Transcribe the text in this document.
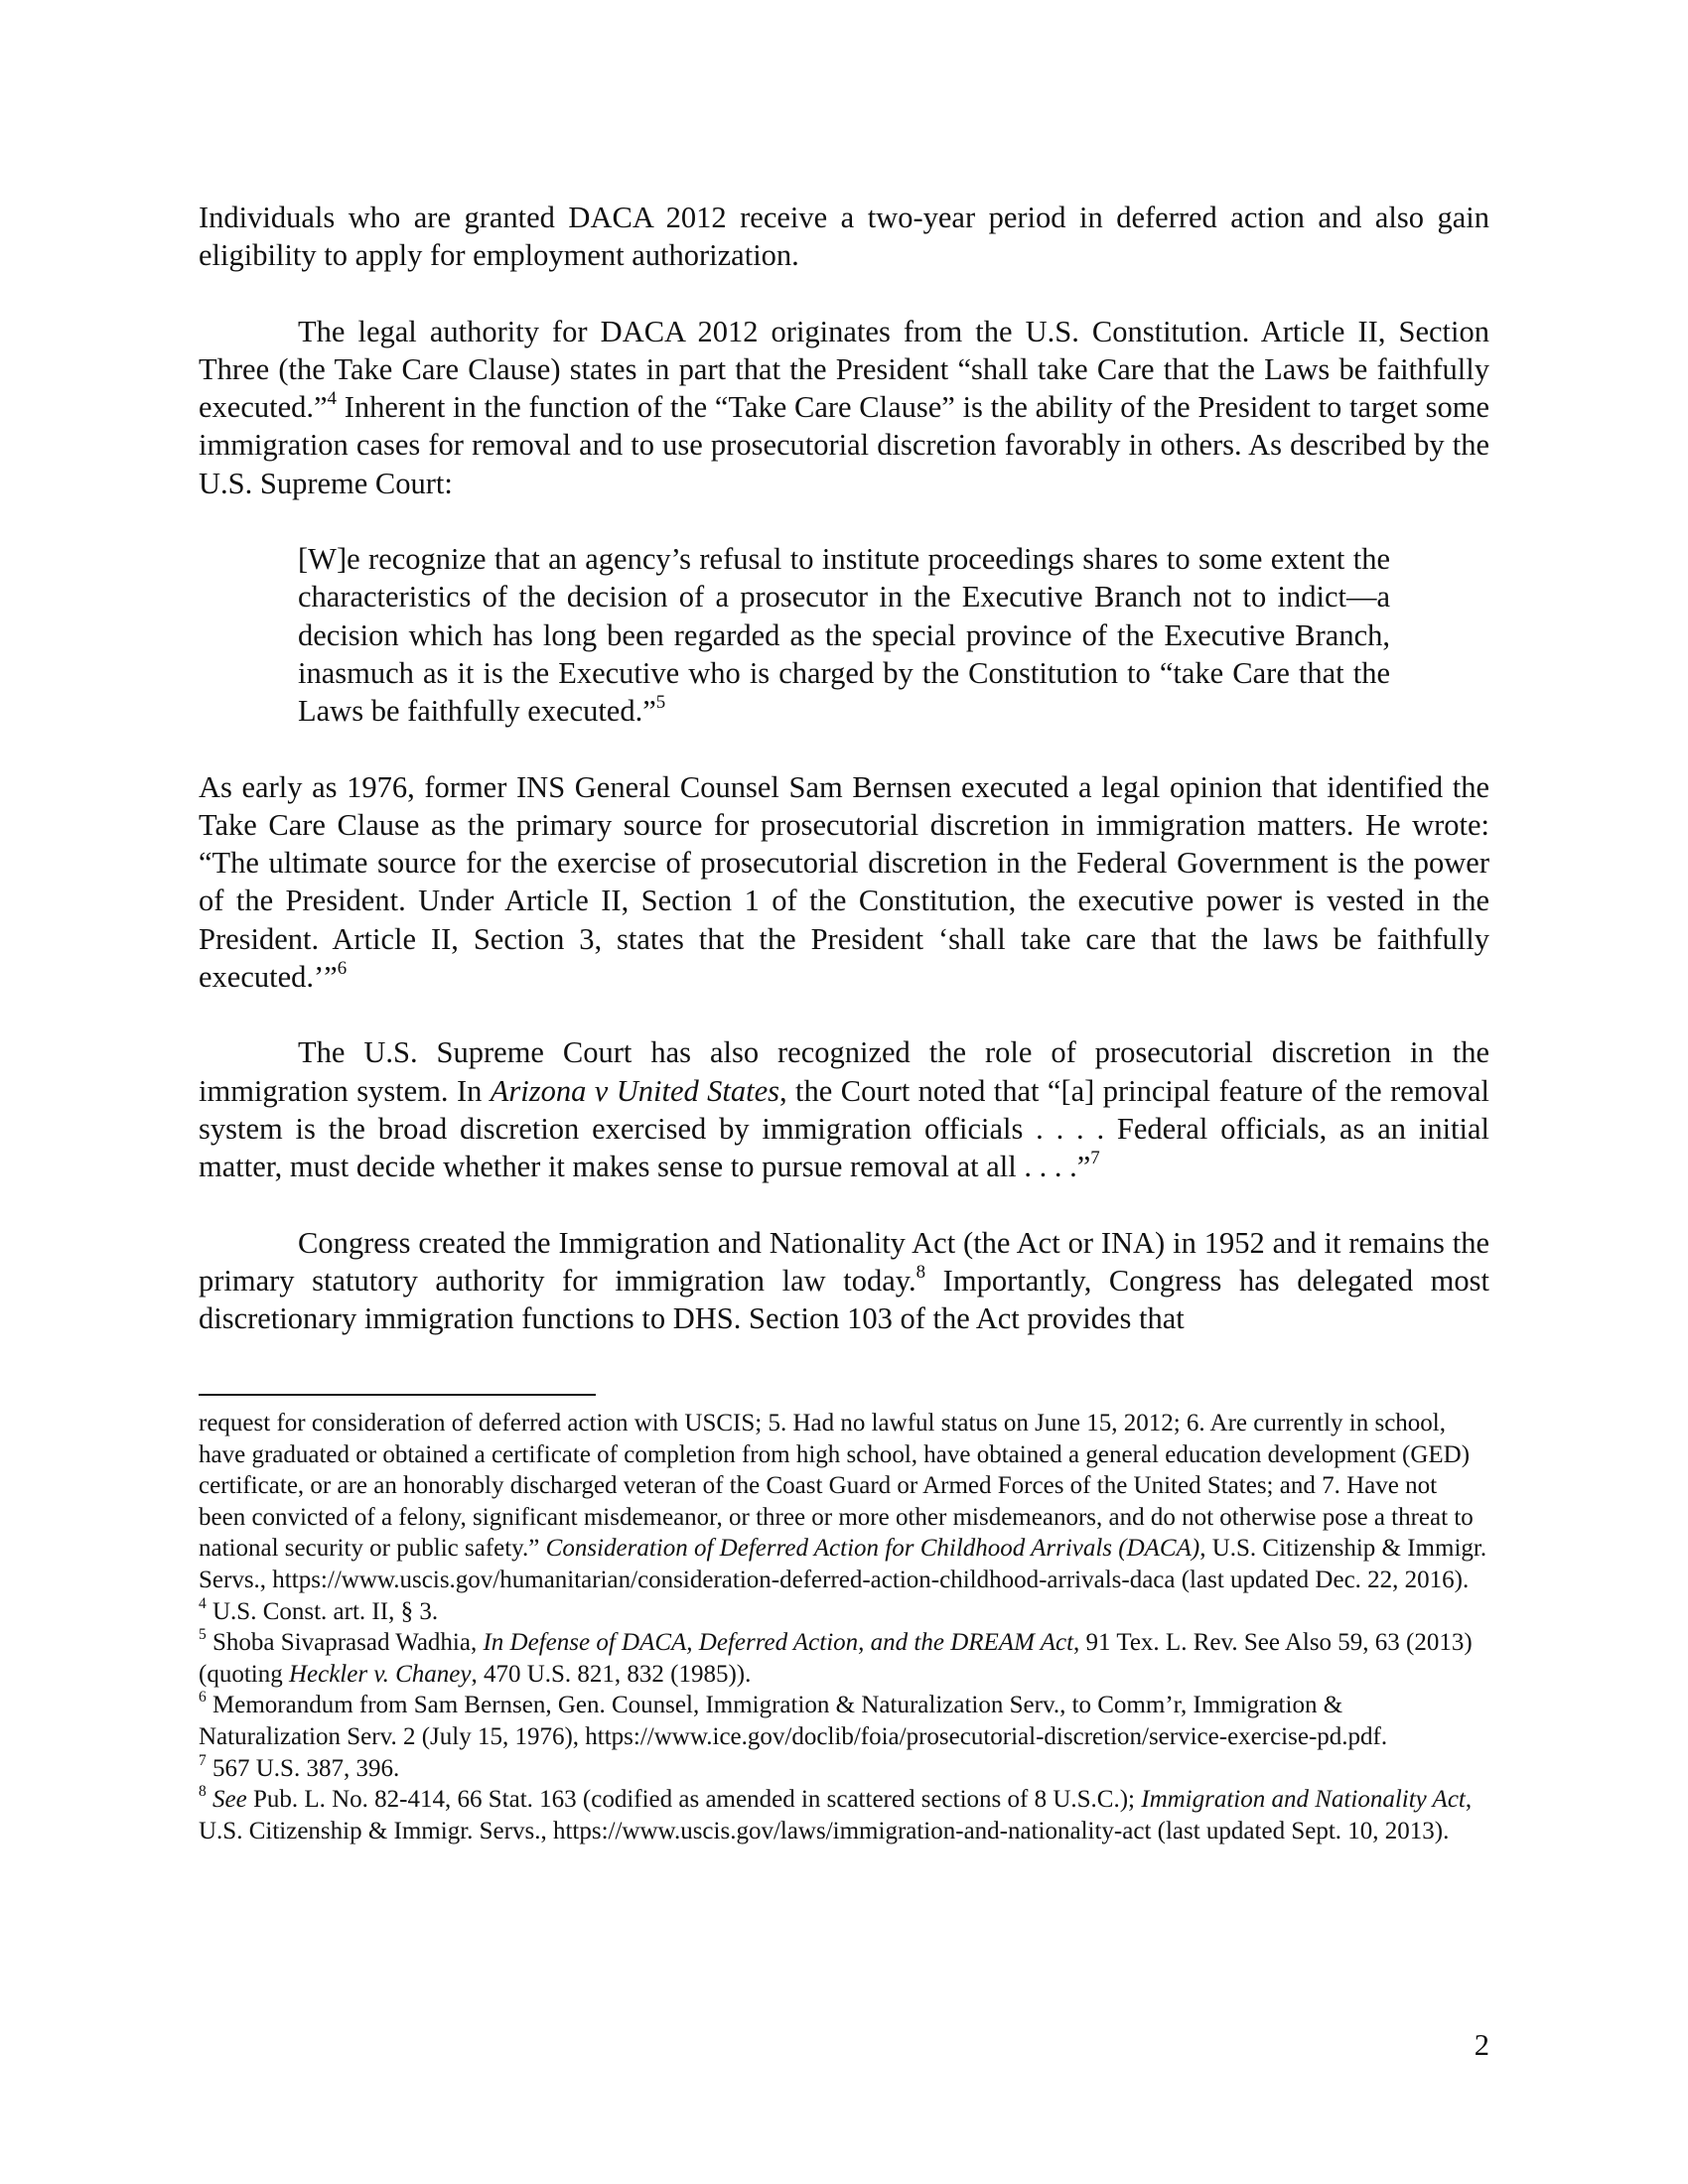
Individuals who are granted DACA 2012 receive a two-year period in deferred action and also gain eligibility to apply for employment authorization.

The legal authority for DACA 2012 originates from the U.S. Constitution. Article II, Section Three (the Take Care Clause) states in part that the President “shall take Care that the Laws be faithfully executed.”$^4$ Inherent in the function of the “Take Care Clause” is the ability of the President to target some immigration cases for removal and to use prosecutorial discretion favorably in others. As described by the U.S. Supreme Court:

[W]e recognize that an agency’s refusal to institute proceedings shares to some extent the characteristics of the decision of a prosecutor in the Executive Branch not to indict—a decision which has long been regarded as the special province of the Executive Branch, inasmuch as it is the Executive who is charged by the Constitution to “take Care that the Laws be faithfully executed.”$^5$

As early as 1976, former INS General Counsel Sam Bernsen executed a legal opinion that identified the Take Care Clause as the primary source for prosecutorial discretion in immigration matters. He wrote: “The ultimate source for the exercise of prosecutorial discretion in the Federal Government is the power of the President. Under Article II, Section 1 of the Constitution, the executive power is vested in the President. Article II, Section 3, states that the President ‘shall take care that the laws be faithfully executed.’”$^6$

The U.S. Supreme Court has also recognized the role of prosecutorial discretion in the immigration system. In Arizona v United States, the Court noted that “[a] principal feature of the removal system is the broad discretion exercised by immigration officials . . . . Federal officials, as an initial matter, must decide whether it makes sense to pursue removal at all . . . .”$^7$

Congress created the Immigration and Nationality Act (the Act or INA) in 1952 and it remains the primary statutory authority for immigration law today.$^8$ Importantly, Congress has delegated most discretionary immigration functions to DHS. Section 103 of the Act provides that

request for consideration of deferred action with USCIS; 5. Had no lawful status on June 15, 2012; 6. Are currently in school, have graduated or obtained a certificate of completion from high school, have obtained a general education development (GED) certificate, or are an honorably discharged veteran of the Coast Guard or Armed Forces of the United States; and 7. Have not been convicted of a felony, significant misdemeanor, or three or more other misdemeanors, and do not otherwise pose a threat to national security or public safety.” Consideration of Deferred Action for Childhood Arrivals (DACA), U.S. Citizenship & Immigr. Servs., https://www.uscis.gov/humanitarian/consideration-deferred-action-childhood-arrivals-daca (last updated Dec. 22, 2016).

$^4$ U.S. Const. art. II, § 3.

$^5$ Shoba Sivaprasad Wadhia, In Defense of DACA, Deferred Action, and the DREAM Act, 91 Tex. L. Rev. See Also 59, 63 (2013) (quoting Heckler v. Chaney, 470 U.S. 821, 832 (1985)).

$^6$ Memorandum from Sam Bernsen, Gen. Counsel, Immigration & Naturalization Serv., to Comm’r, Immigration & Naturalization Serv. 2 (July 15, 1976), https://www.ice.gov/doclib/foia/prosecutorial-discretion/service-exercise-pd.pdf.

$^7$ 567 U.S. 387, 396.

$^8$ See Pub. L. No. 82-414, 66 Stat. 163 (codified as amended in scattered sections of 8 U.S.C.); Immigration and Nationality Act, U.S. Citizenship & Immigr. Servs., https://www.uscis.gov/laws/immigration-and-nationality-act (last updated Sept. 10, 2013).

2
